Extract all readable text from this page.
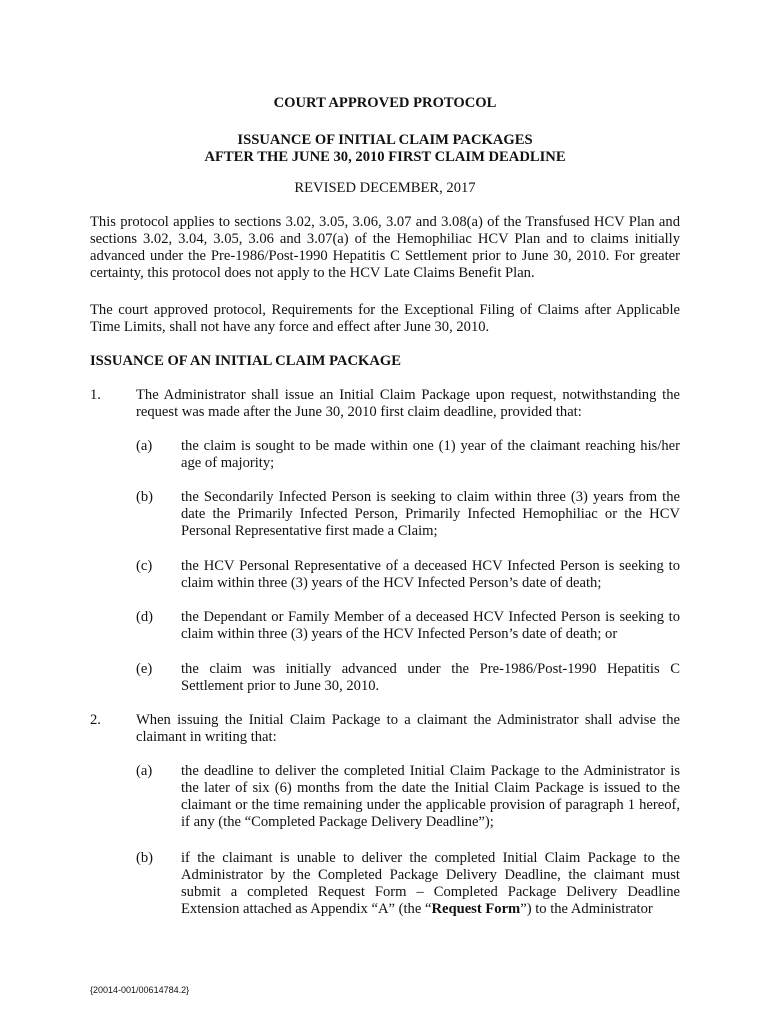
COURT APPROVED PROTOCOL
ISSUANCE OF INITIAL CLAIM PACKAGES
AFTER THE JUNE 30, 2010 FIRST CLAIM DEADLINE
REVISED DECEMBER, 2017
This protocol applies to sections 3.02, 3.05, 3.06, 3.07 and 3.08(a) of the Transfused HCV Plan and sections 3.02, 3.04, 3.05, 3.06 and 3.07(a) of the Hemophiliac HCV Plan and to claims initially advanced under the Pre-1986/Post-1990 Hepatitis C Settlement prior to June 30, 2010. For greater certainty, this protocol does not apply to the HCV Late Claims Benefit Plan.
The court approved protocol, Requirements for the Exceptional Filing of Claims after Applicable Time Limits, shall not have any force and effect after June 30, 2010.
ISSUANCE OF AN INITIAL CLAIM PACKAGE
1. The Administrator shall issue an Initial Claim Package upon request, notwithstanding the request was made after the June 30, 2010 first claim deadline, provided that:
(a) the claim is sought to be made within one (1) year of the claimant reaching his/her age of majority;
(b) the Secondarily Infected Person is seeking to claim within three (3) years from the date the Primarily Infected Person, Primarily Infected Hemophiliac or the HCV Personal Representative first made a Claim;
(c) the HCV Personal Representative of a deceased HCV Infected Person is seeking to claim within three (3) years of the HCV Infected Person’s date of death;
(d) the Dependant or Family Member of a deceased HCV Infected Person is seeking to claim within three (3) years of the HCV Infected Person’s date of death; or
(e) the claim was initially advanced under the Pre-1986/Post-1990 Hepatitis C Settlement prior to June 30, 2010.
2. When issuing the Initial Claim Package to a claimant the Administrator shall advise the claimant in writing that:
(a) the deadline to deliver the completed Initial Claim Package to the Administrator is the later of six (6) months from the date the Initial Claim Package is issued to the claimant or the time remaining under the applicable provision of paragraph 1 hereof, if any (the “Completed Package Delivery Deadline”);
(b) if the claimant is unable to deliver the completed Initial Claim Package to the Administrator by the Completed Package Delivery Deadline, the claimant must submit a completed Request Form – Completed Package Delivery Deadline Extension attached as Appendix “A” (the “Request Form”) to the Administrator
{20014-001/00614784.2}
